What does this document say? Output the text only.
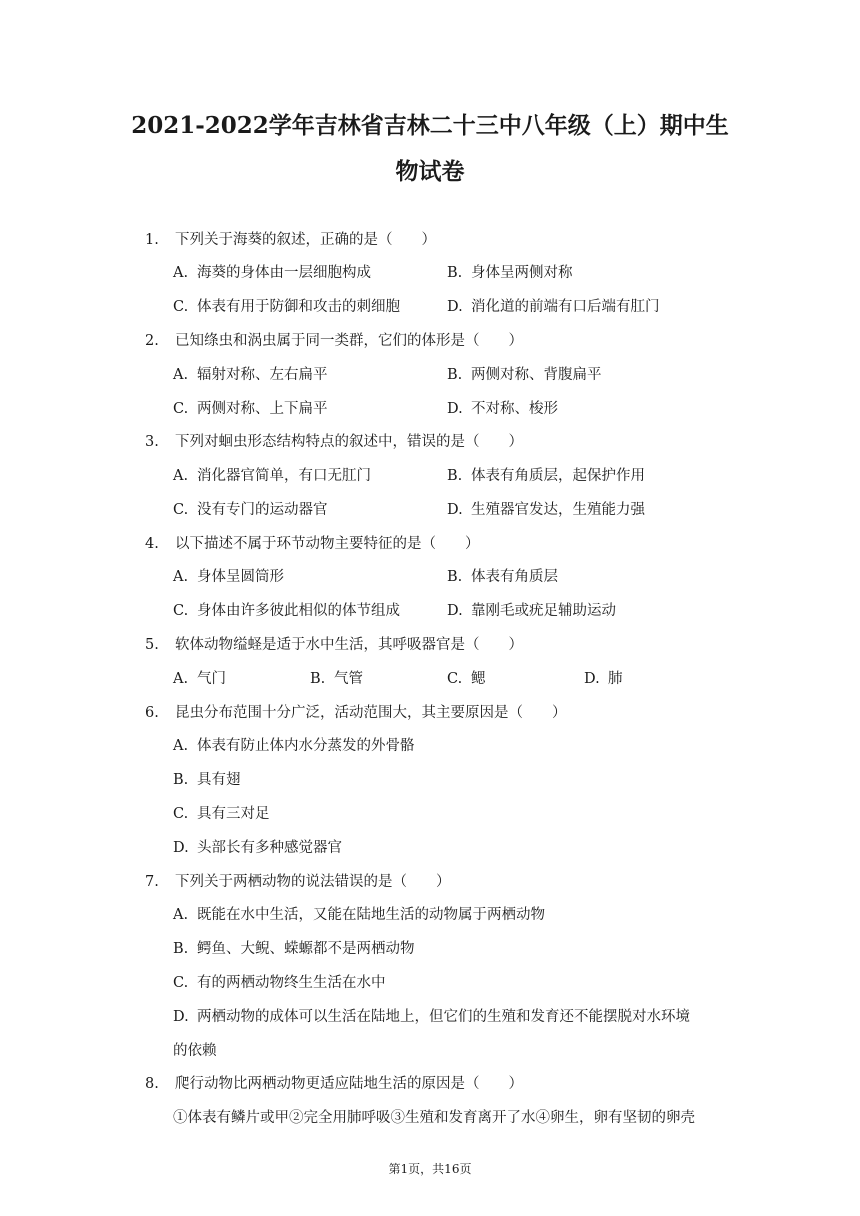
2021-2022学年吉林省吉林二十三中八年级（上）期中生
物试卷
1. 下列关于海葵的叙述，正确的是（　　）
A. 海葵的身体由一层细胞构成	B. 身体呈两侧对称
C. 体表有用于防御和攻击的刺细胞	D. 消化道的前端有口后端有肛门
2. 已知绦虫和涡虫属于同一类群，它们的体形是（　　）
A. 辐射对称、左右扁平	B. 两侧对称、背腹扁平
C. 两侧对称、上下扁平	D. 不对称、梭形
3. 下列对蛔虫形态结构特点的叙述中，错误的是（　　）
A. 消化器官简单，有口无肛门	B. 体表有角质层，起保护作用
C. 没有专门的运动器官	D. 生殖器官发达，生殖能力强
4. 以下描述不属于环节动物主要特征的是（　　）
A. 身体呈圆筒形	B. 体表有角质层
C. 身体由许多彼此相似的体节组成	D. 靠刚毛或疣足辅助运动
5. 软体动物缢蛏是适于水中生活，其呼吸器官是（　　）
A. 气门	B. 气管	C. 鳃	D. 肺
6. 昆虫分布范围十分广泛，活动范围大，其主要原因是（　　）
A. 体表有防止体内水分蒸发的外骨骼
B. 具有翅
C. 具有三对足
D. 头部长有多种感觉器官
7. 下列关于两栖动物的说法错误的是（　　）
A. 既能在水中生活，又能在陆地生活的动物属于两栖动物
B. 鳄鱼、大鲵、蝾螈都不是两栖动物
C. 有的两栖动物终生生活在水中
D. 两栖动物的成体可以生活在陆地上，但它们的生殖和发育还不能摆脱对水环境
的依赖
8. 爬行动物比两栖动物更适应陆地生活的原因是（　　）
①体表有鳞片或甲②完全用肺呼吸③生殖和发育离开了水④卵生，卵有坚韧的卵壳
第1页，共16页
